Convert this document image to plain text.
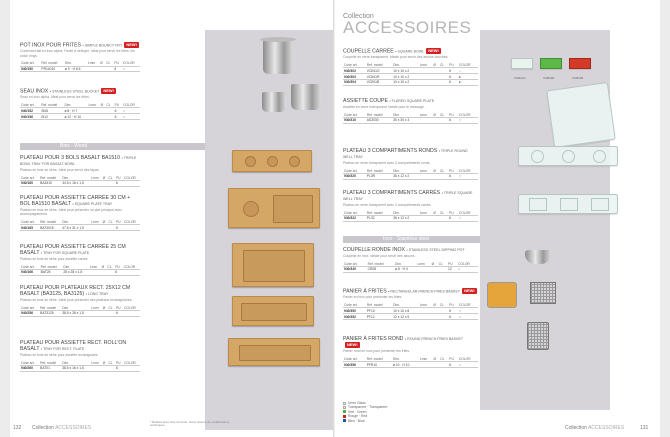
POT INOX POUR FRITES • SIMPLE BOUNCY FRY NEW!
Contenant fait en inox alpha. Facile à nettoyer. Idéal pour servir les frites, les onion rings.
Code art.	Ref. model	Dim.	Lmm	Ø	CL	PU	COLOR
940/150	PR14010	ø 9 · H 8.5				6	○
SEAU INOX • STAINLESS STEEL BUCKET NEW!
Seau en inox alpha. Idéal pour servir les frites.
Code art.	Ref. model	Dim.	Lmm	Ø	CL	PU	COLOR
940/152	SI08	ø 8 · H 7				6	○
940/156	SI12	ø 12 · H 10				6	○
Bois - Wood
PLATEAU POUR 3 BOLS BASALT BA1510 • TRIPLE BOWL TRAY FOR BASALT BOWL
Plateau en bois de hêtre. Idéal pour servir des tapas.
Code art.	Ref. model	Dim.	Lmm	Ø	CL	PU	COLOR
940/160	BA1510	44,5 x 16 x 1,5				6	
PLATEAU POUR ASSIETTE CARRÉE 30 CM + BOL BA1510 BASALT • SQUARE PLATE TRAY
Plateau en bois de hêtre. Idéal pour présenter un plat principal avec accompagnement.
Code art.	Ref. model	Dim.	Lmm	Ø	CL	PU	COLOR
940/165	BAT3015	47,5 x 31 x 1,5				6	
PLATEAU POUR ASSIETTE CARRÉE 25 CM BASALT • TRAY FOR SQUARE PLATE
Plateau en bois de hêtre pour assiette carrée.
Code art.	Ref. model	Dim.	Lmm	Ø	CL	PU	COLOR
940/166	BAT25	28 x 28 x 1,5				6	
PLATEAU POUR PLATEAUX RECT. 25X12 CM BASALT (BA3125, BA3125) • LONG TRAY
Plateau en bois de hêtre. Idéal pour présenter des plateaux rectangulaires.
Code art.	Ref. model	Dim.	Lmm	Ø	CL	PU	COLOR
940/256	BAT3125	38,5 x 26 x 1,5				6	
PLATEAU POUR ASSIETTE RECT. ROLL'ON BASALT • TRAY FOR RECT. PLATE
Plateau en bois de hêtre pour assiette rectangulaire.
Code art.	Ref. model	Dim.	Lmm	Ø	CL	PU	COLOR
940/260	BAT01	38,5 x 16 x 1,5				6	
* Réalisé avec bois de hêtre. Sous réserve de modifications techniques.
132 Collection ACCESSOIRES
Collection
ACCESSOIRES
VCB11G	VCB11R	VCB11B
COUPELLE CARRÉE • SQUARE BOWL NEW!
Coupelle en verre transparent. Idéale pour servir des amuse-bouches.
Code art.	Ref. model	Dim.	Lmm	Ø	CL	PU	COLOR
940/302	VCB11G	10 x 10 x 2				6	●
940/303	VCB11R	10 x 10 x 2				6	●
940/304	VCB11B	10 x 10 x 2				6	●
ASSIETTE COUPE • FLARED SQUARE PLATE
Assiette en verre transparent. Idéale pour le dressage.
Code art.	Ref. model	Dim.	Lmm	Ø	CL	PU	COLOR
940/310	AS3030	30 x 30 x 3				6	○
PLATEAU 3 COMPARTIMENTS RONDS • TRIPLE ROUND WELL TRAY
Plateau en verre transparent avec 3 compartiments ronds.
Code art.	Ref. model	Dim.	Lmm	Ø	CL	PU	COLOR
940/320	PL3R	36 x 12 x 2				6	○
PLATEAU 3 COMPARTIMENTS CARRÉS • TRIPLE SQUARE WELL TRAY
Plateau en verre transparent avec 3 compartiments carrés.
Code art.	Ref. model	Dim.	Lmm	Ø	CL	PU	COLOR
940/322	PL3C	36 x 12 x 2				6	○
Inox - Stainless steel
COUPELLE RONDE INOX • STAINLESS STEEL DIPPING POT
Coupelle en inox. Idéale pour servir des sauces.
Code art.	Ref. model	Dim.	Lmm	Ø	CL	PU	COLOR
940/340	CR08	ø 8 · H 4				12	○
PANIER À FRITES • RECTANGULAR FRENCH FRIES BASKET NEW!
Panier en inox pour présenter les frites.
Code art.	Ref. model	Dim.	Lmm	Ø	CL	PU	COLOR
940/350	PF10	10 x 10 x 8				6	○
940/352	PF12	12 x 12 x 9				6	○
PANIER À FRITES ROND • ROUND FRENCH FRIES BASKETNEW!
Panier rond en inox pour présenter les frites.
Code art.	Ref. model	Dim.	Lmm	Ø	CL	PU	COLOR
940/356	PFR10	ø 10 · H 10				6	○
Verre Glass
Transparent · Transparent
Vert · Green
Rouge · Red
Bleu · Blue
Collection ACCESSOIRES	131
